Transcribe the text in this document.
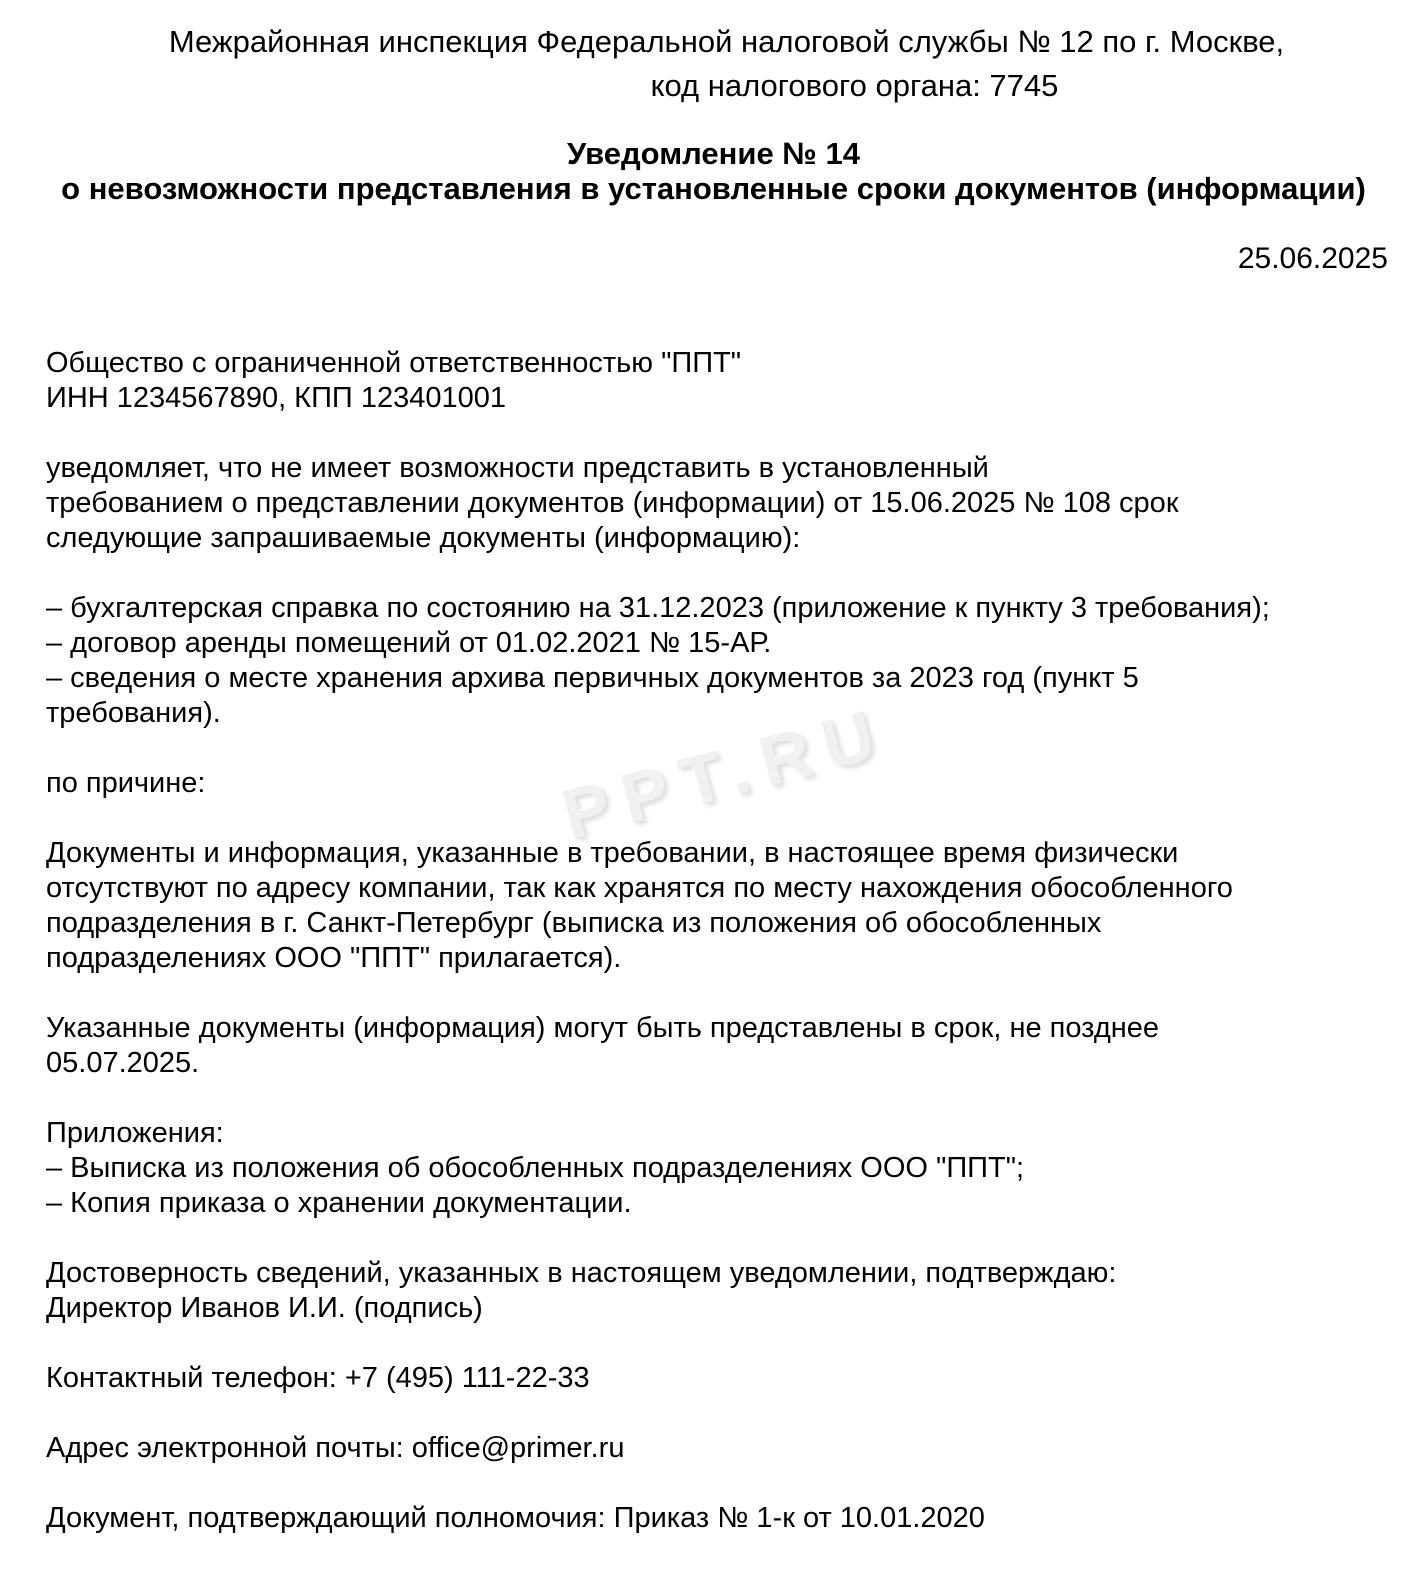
PPT.RU
Межрайонная инспекция Федеральной налоговой службы № 12 по г. Москве,
код налогового органа: 7745
Уведомление № 14
о невозможности представления в установленные сроки документов (информации)
25.06.2025
Общество с ограниченной ответственностью "ППТ"
ИНН 1234567890, КПП 123401001
уведомляет, что не имеет возможности представить в установленный
требованием о представлении документов (информации) от 15.06.2025 № 108 срок
следующие запрашиваемые документы (информацию):
– бухгалтерская справка по состоянию на 31.12.2023 (приложение к пункту 3 требования);
– договор аренды помещений от 01.02.2021 № 15-АР.
– сведения о месте хранения архива первичных документов за 2023 год (пункт 5
требования).
по причине:
Документы и информация, указанные в требовании, в настоящее время физически
отсутствуют по адресу компании, так как хранятся по месту нахождения обособленного
подразделения в г. Санкт-Петербург (выписка из положения об обособленных
подразделениях ООО "ППТ" прилагается).
Указанные документы (информация) могут быть представлены в срок, не позднее
05.07.2025.
Приложения:
– Выписка из положения об обособленных подразделениях ООО "ППТ";
– Копия приказа о хранении документации.
Достоверность сведений, указанных в настоящем уведомлении, подтверждаю:
Директор Иванов И.И. (подпись)
Контактный телефон: +7 (495) 111-22-33
Адрес электронной почты: office@primer.ru
Документ, подтверждающий полномочия: Приказ № 1-к от 10.01.2020
